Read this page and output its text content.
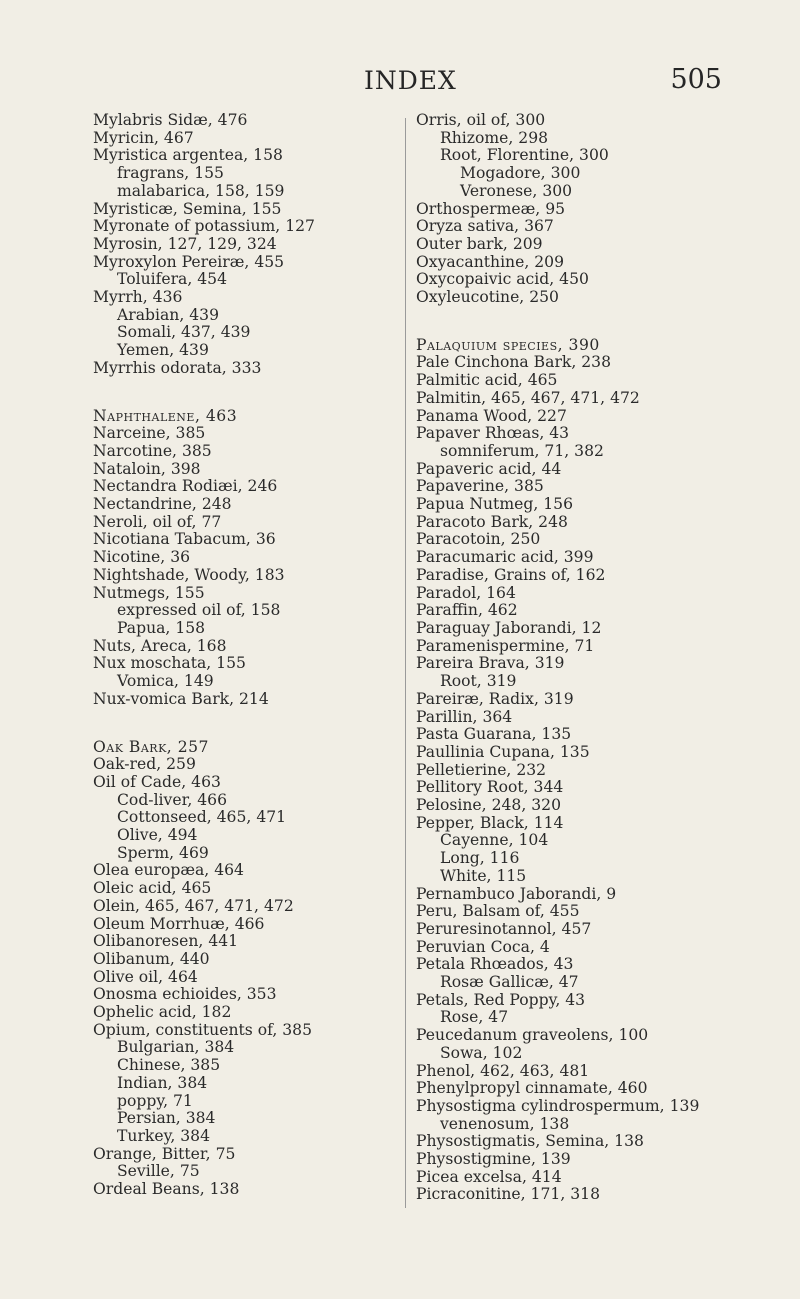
INDEX	505
Mylabris Sidæ, 476
Myricin, 467
Myristica argentea, 158
fragrans, 155
malabarica, 158, 159
Myristicæ, Semina, 155
Myronate of potassium, 127
Myrosin, 127, 129, 324
Myroxylon Pereiræ, 455
Toluifera, 454
Myrrh, 436
Arabian, 439
Somali, 437, 439
Yemen, 439
Myrrhis odorata, 333
Naphthalene, 463
Narceine, 385
Narcotine, 385
Nataloin, 398
Nectandra Rodiæi, 246
Nectandrine, 248
Neroli, oil of, 77
Nicotiana Tabacum, 36
Nicotine, 36
Nightshade, Woody, 183
Nutmegs, 155
expressed oil of, 158
Papua, 158
Nuts, Areca, 168
Nux moschata, 155
Vomica, 149
Nux-vomica Bark, 214
Oak Bark, 257
Oak-red, 259
Oil of Cade, 463
Cod-liver, 466
Cottonseed, 465, 471
Olive, 494
Sperm, 469
Olea europæa, 464
Oleic acid, 465
Olein, 465, 467, 471, 472
Oleum Morrhuæ, 466
Olibanoresen, 441
Olibanum, 440
Olive oil, 464
Onosma echioides, 353
Ophelic acid, 182
Opium, constituents of, 385
Bulgarian, 384
Chinese, 385
Indian, 384
poppy, 71
Persian, 384
Turkey, 384
Orange, Bitter, 75
Seville, 75
Ordeal Beans, 138
Orris, oil of, 300
Rhizome, 298
Root, Florentine, 300
Mogadore, 300
Veronese, 300
Orthospermeæ, 95
Oryza sativa, 367
Outer bark, 209
Oxyacanthine, 209
Oxycopaivic acid, 450
Oxyleucotine, 250
Palaquium species, 390
Pale Cinchona Bark, 238
Palmitic acid, 465
Palmitin, 465, 467, 471, 472
Panama Wood, 227
Papaver Rhœas, 43
somniferum, 71, 382
Papaveric acid, 44
Papaverine, 385
Papua Nutmeg, 156
Paracoto Bark, 248
Paracotoin, 250
Paracumaric acid, 399
Paradise, Grains of, 162
Paradol, 164
Paraffin, 462
Paraguay Jaborandi, 12
Paramenispermine, 71
Pareira Brava, 319
Root, 319
Pareiræ, Radix, 319
Parillin, 364
Pasta Guarana, 135
Paullinia Cupana, 135
Pelletierine, 232
Pellitory Root, 344
Pelosine, 248, 320
Pepper, Black, 114
Cayenne, 104
Long, 116
White, 115
Pernambuco Jaborandi, 9
Peru, Balsam of, 455
Peruresinotannol, 457
Peruvian Coca, 4
Petala Rhœados, 43
Rosæ Gallicæ, 47
Petals, Red Poppy, 43
Rose, 47
Peucedanum graveolens, 100
Sowa, 102
Phenol, 462, 463, 481
Phenylpropyl cinnamate, 460
Physostigma cylindrospermum, 139
venenosum, 138
Physostigmatis, Semina, 138
Physostigmine, 139
Picea excelsa, 414
Picraconitine, 171, 318
